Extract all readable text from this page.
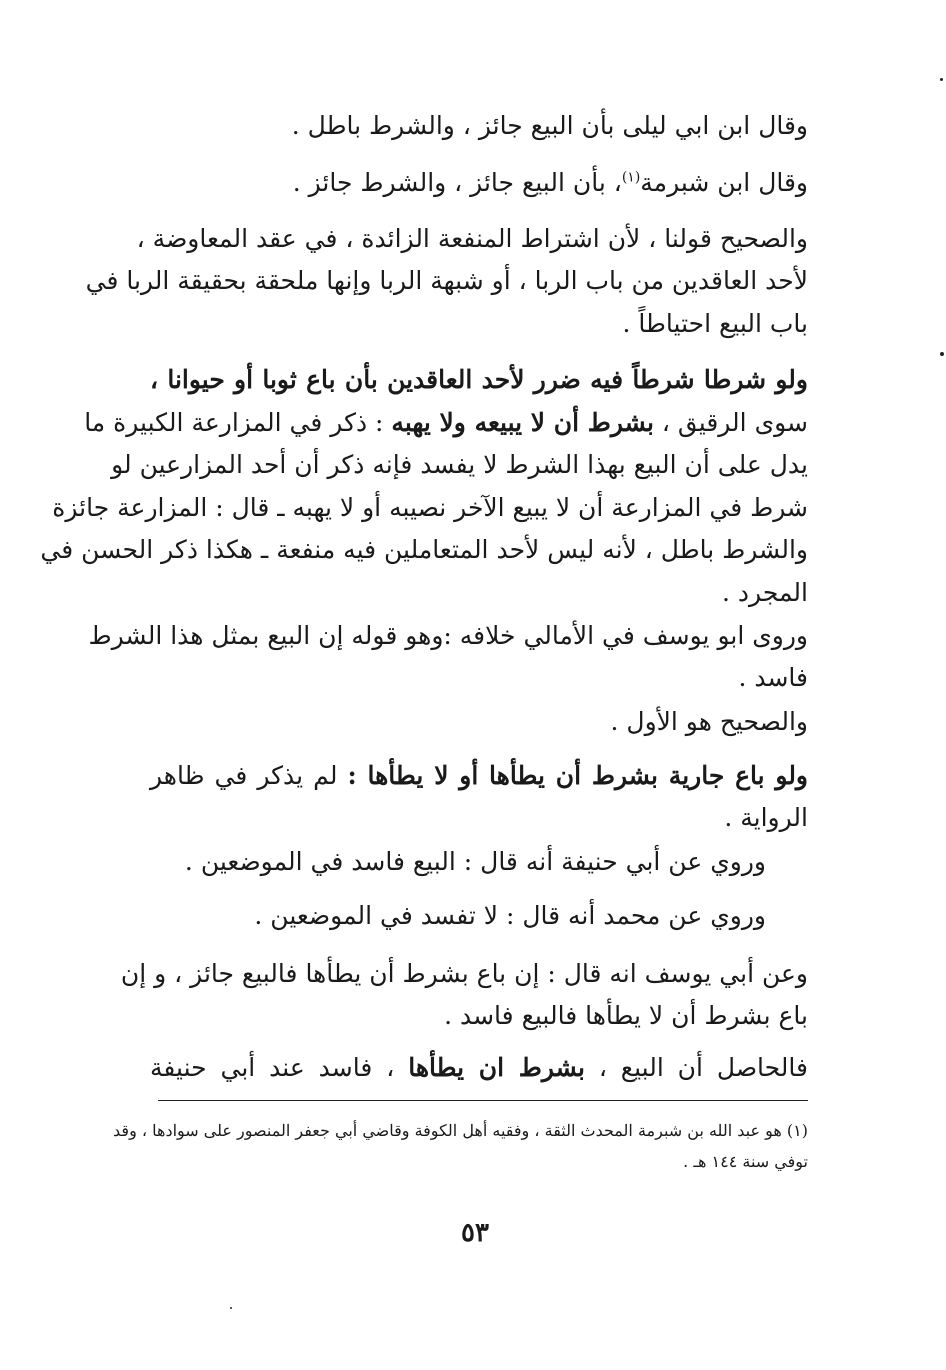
وقال ابن ابي ليلى بأن البيع جائز ، والشرط باطل .
وقال ابن شبرمة$^{(١)}$، بأن البيع جائز ، والشرط جائز .
والصحيح قولنا ، لأن اشتراط المنفعة الزائدة ، في عقد المعاوضة ،
لأحد العاقدين من باب الربا ، أو شبهة الربا وإنها ملحقة بحقيقة الربا في
باب البيع احتياطاً .
ولو شرطا شرطاً فيه ضرر لأحد العاقدين بأن باع ثوبا أو حيوانا ،
سوى الرقيق ، بشرط أن لا يبيعه ولا يهبه : ذكر في المزارعة الكبيرة ما
يدل على أن البيع بهذا الشرط لا يفسد فإنه ذكر أن أحد المزارعين لو
شرط في المزارعة أن لا يبيع الآخر نصيبه أو لا يهبه ـ قال : المزارعة جائزة
والشرط باطل ، لأنه ليس لأحد المتعاملين فيه منفعة ـ هكذا ذكر الحسن في
المجرد .
وروى ابو يوسف في الأمالي خلافه :وهو قوله إن البيع بمثل هذا الشرط
فاسد .
والصحيح هو الأول .
ولو باع جارية بشرط أن يطأها أو لا يطأها : لم يذكر في ظاهر
الرواية .
وروي عن أبي حنيفة أنه قال : البيع فاسد في الموضعين .
وروي عن محمد أنه قال : لا تفسد في الموضعين .
وعن أبي يوسف انه قال : إن باع بشرط أن يطأها فالبيع جائز ، و إن
باع بشرط أن لا يطأها فالبيع فاسد .
فالحاصل أن البيع ، بشرط ان يطأها ، فاسد عند أبي حنيفة
(١) هو عبد الله بن شبرمة المحدث الثقة ، وفقيه أهل الكوفة وقاضي أبي جعفر المنصور على سوادها ، وقد
توفي سنة ١٤٤ هـ .
٥٣
